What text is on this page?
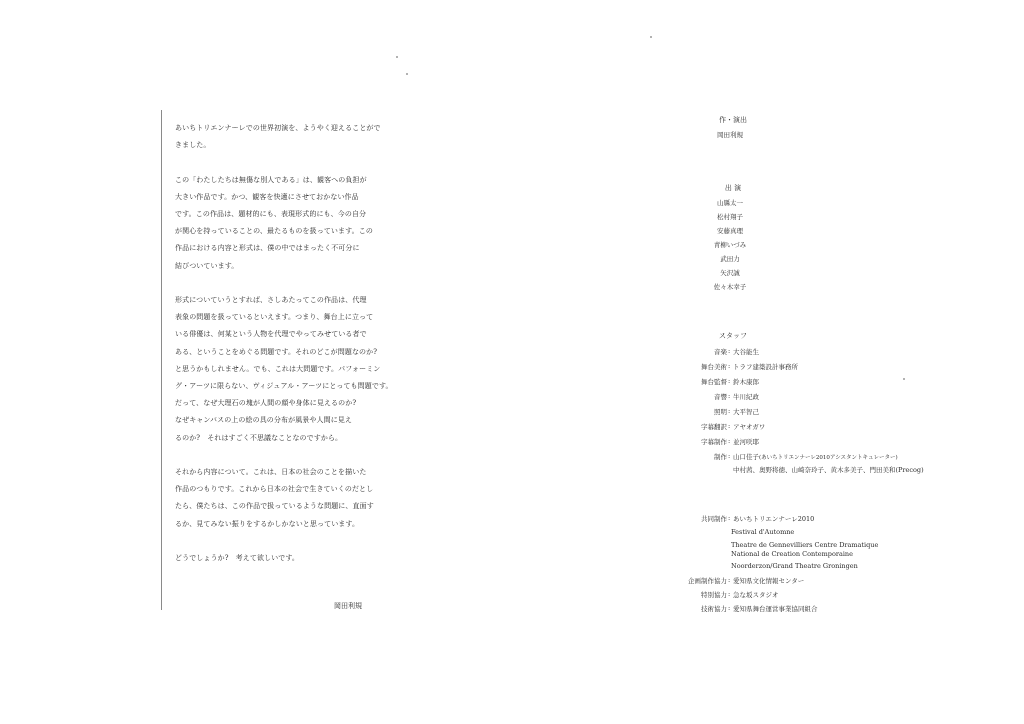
あいちトリエンナーレでの世界初演を、ようやく迎えることがで
きました。

この「わたしたちは無傷な別人である」は、観客への負担が
大きい作品です。かつ、観客を快適にさせておかない作品
です。この作品は、題材的にも、表現形式的にも、今の自分
が関心を持っていることの、最たるものを扱っています。この
作品における内容と形式は、僕の中ではまったく不可分に
結びついています。

形式についていうとすれば、さしあたってこの作品は、代理
表象の問題を扱っているといえます。つまり、舞台上に立って
いる俳優は、何某という人物を代理でやってみせている者で
ある、ということをめぐる問題です。それのどこが問題なのか?
と思うかもしれません。でも、これは大問題です。パフォーミン
グ・アーツに限らない、ヴィジュアル・アーツにとっても問題です。
だって、なぜ大理石の塊が人間の顔や身体に見えるのか?
なぜキャンバスの上の絵の具の分布が風景や人間に見え
るのか?　それはすごく不思議なことなのですから。

それから内容について。これは、日本の社会のことを描いた
作品のつもりです。これから日本の社会で生きていくのだとし
たら、僕たちは、この作品で扱っているような問題に、直面す
るか、見てみない振りをするかしかないと思っています。

どうでしょうか?　考えて欲しいです。

岡田利規
作・演出
岡田利規
出 演
山縣太一
松村翔子
安藤真理
青柳いづみ
武田力
矢沢誠
佐々木幸子
スタッフ
音楽 : 大谷能生
舞台美術 : トラフ建築設計事務所
舞台監督 : 鈴木康郎
音響 : 牛川紀政
照明 : 大平智己
字幕翻訳 : アヤオガワ
字幕制作 : 並河咲耶
制作 : 山口佳子(あいちトリエンナーレ2010アシスタントキュレーター)
中村茜、奥野将徳、山崎奈玲子、黄木多美子、門田美和(Precog)
共同制作 : あいちトリエンナーレ2010
Festival d'Automne
Theatre de Gennevilliers Centre Dramatique
National de Creation Contemporaine
Noorderzon/Grand Theatre Groningen
企画制作協力 : 愛知県文化情報センター
特別協力 : 急な坂スタジオ
技術協力 : 愛知県舞台運営事業協同組合
